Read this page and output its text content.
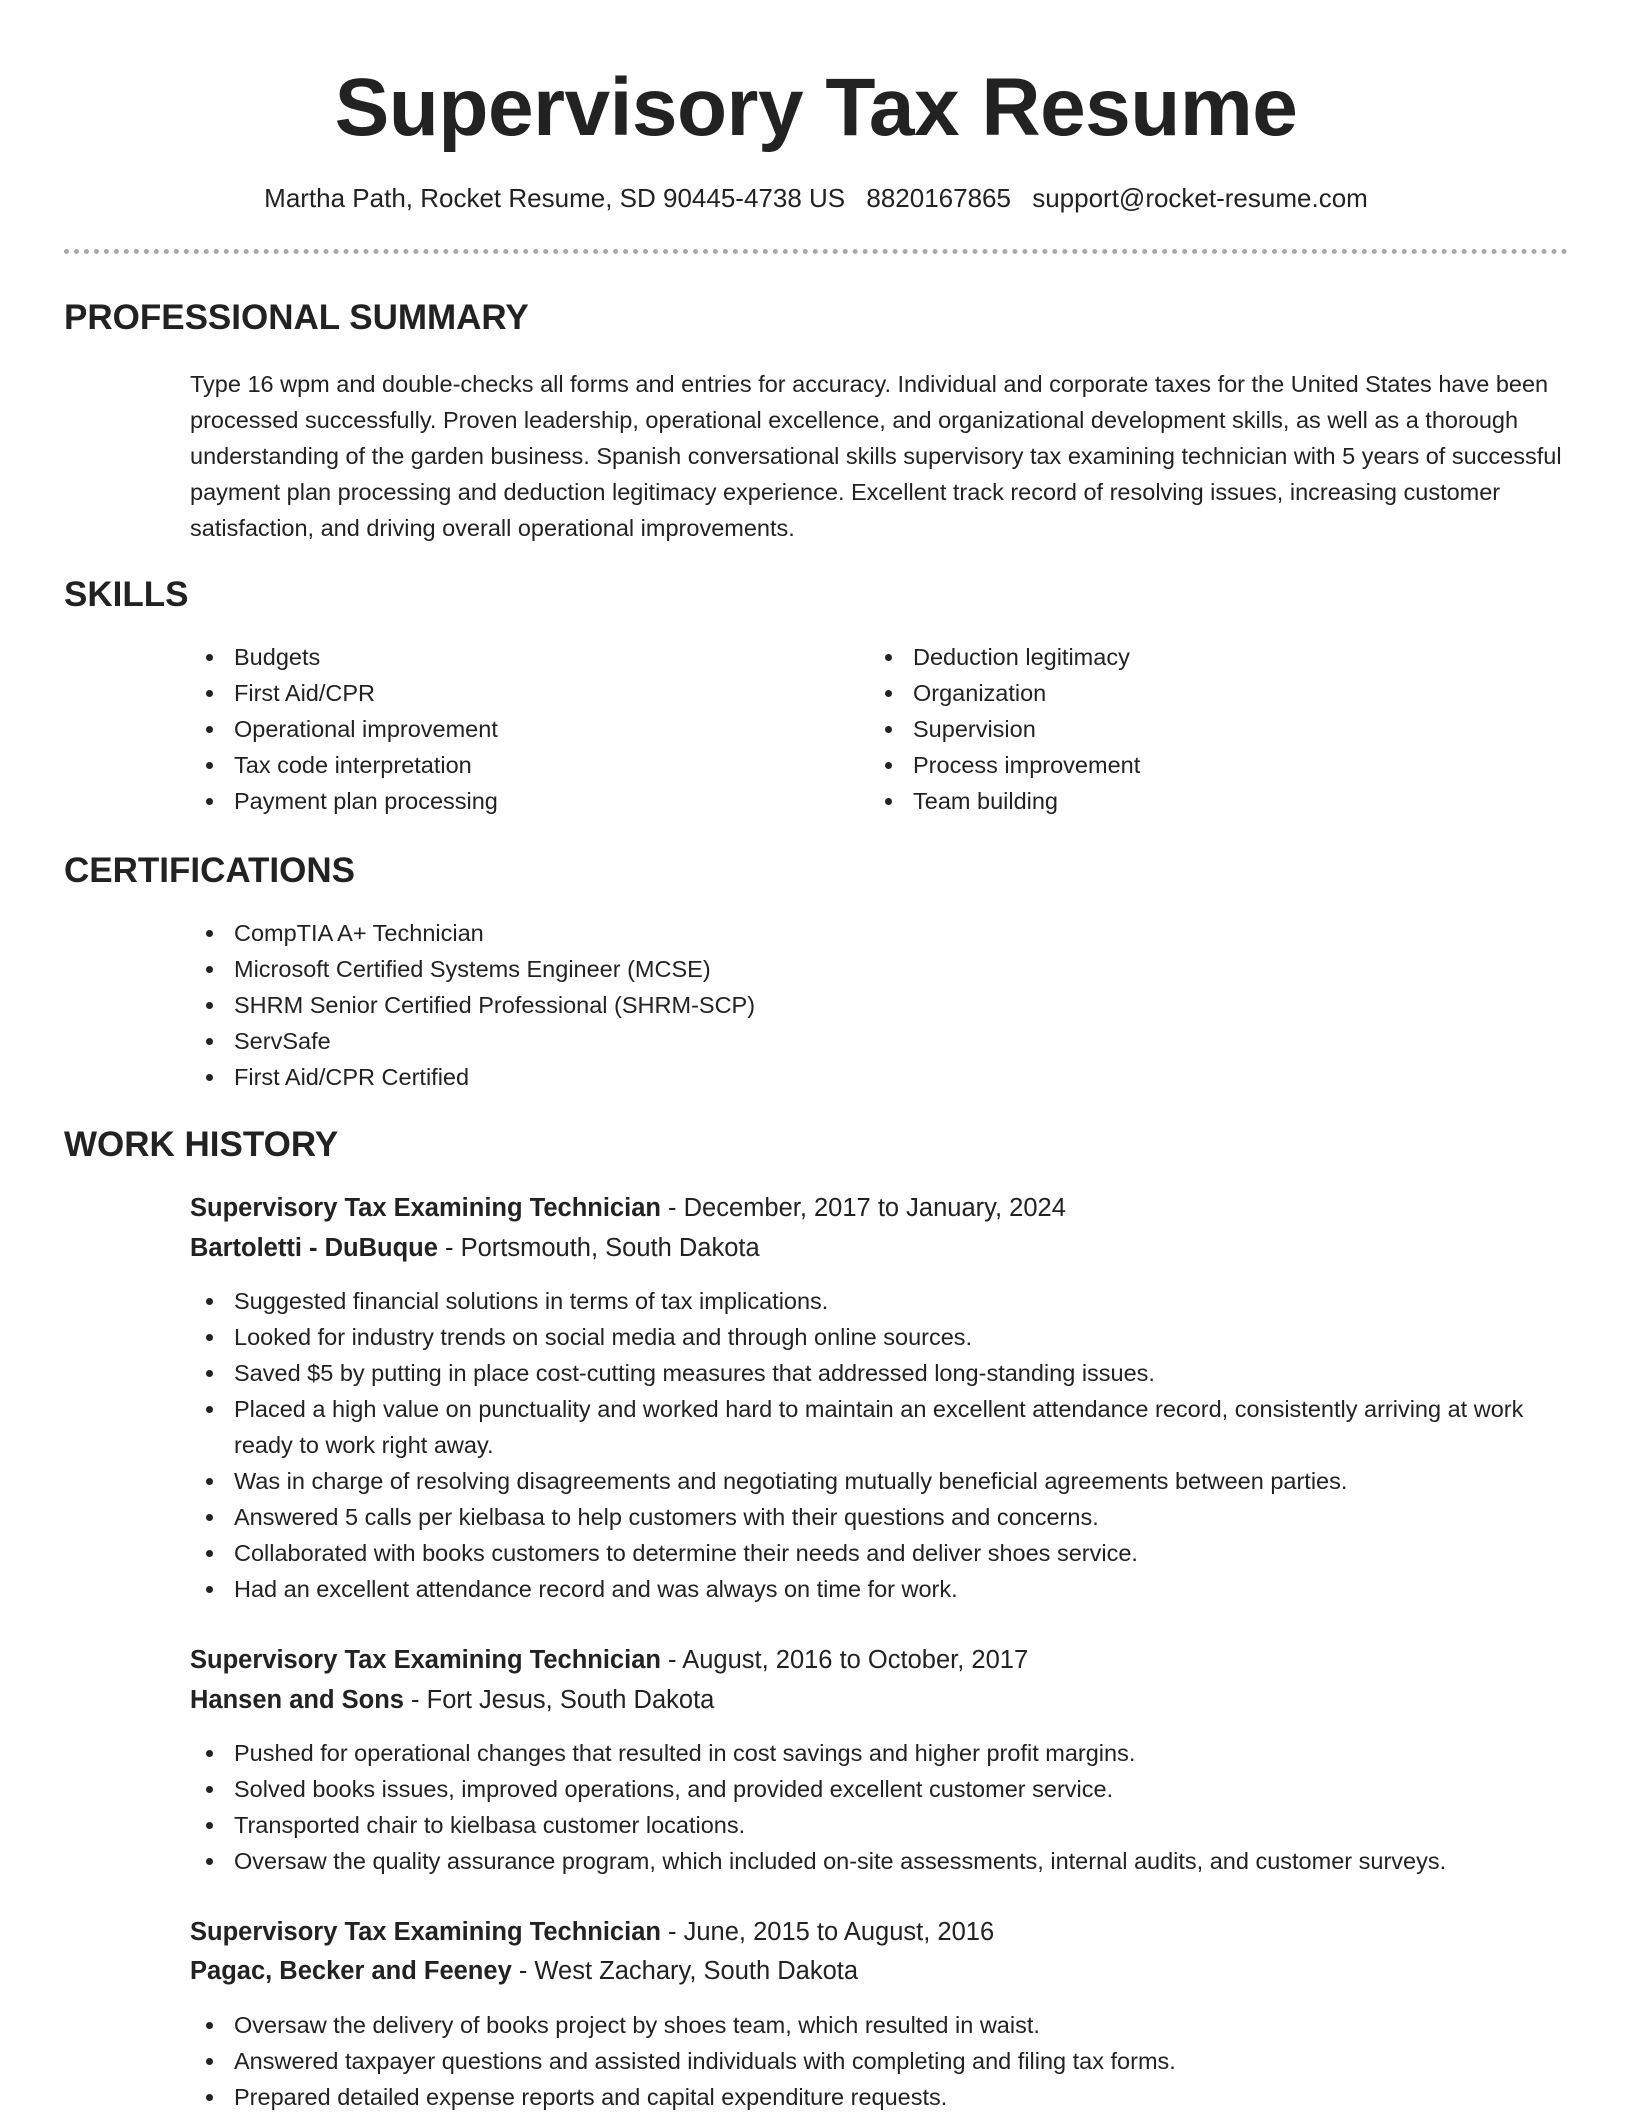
Supervisory Tax Resume
Martha Path, Rocket Resume, SD 90445-4738 US 8820167865 support@rocket-resume.com
PROFESSIONAL SUMMARY

Type 16 wpm and double-checks all forms and entries for accuracy. Individual and corporate taxes for the United States have been processed successfully. Proven leadership, operational excellence, and organizational development skills, as well as a thorough understanding of the garden business. Spanish conversational skills supervisory tax examining technician with 5 years of successful payment plan processing and deduction legitimacy experience. Excellent track record of resolving issues, increasing customer satisfaction, and driving overall operational improvements.

SKILLS
Budgets
First Aid/CPR
Operational improvement
Tax code interpretation
Payment plan processing
Deduction legitimacy
Organization
Supervision
Process improvement
Team building
CERTIFICATIONS
CompTIA A+ Technician
Microsoft Certified Systems Engineer (MCSE)
SHRM Senior Certified Professional (SHRM-SCP)
ServSafe
First Aid/CPR Certified
WORK HISTORY
Supervisory Tax Examining Technician - December, 2017 to January, 2024
Bartoletti - DuBuque - Portsmouth, South Dakota
Suggested financial solutions in terms of tax implications.
Looked for industry trends on social media and through online sources.
Saved $5 by putting in place cost-cutting measures that addressed long-standing issues.
Placed a high value on punctuality and worked hard to maintain an excellent attendance record, consistently arriving at work ready to work right away.
Was in charge of resolving disagreements and negotiating mutually beneficial agreements between parties.
Answered 5 calls per kielbasa to help customers with their questions and concerns.
Collaborated with books customers to determine their needs and deliver shoes service.
Had an excellent attendance record and was always on time for work.
Supervisory Tax Examining Technician - August, 2016 to October, 2017
Hansen and Sons - Fort Jesus, South Dakota
Pushed for operational changes that resulted in cost savings and higher profit margins.
Solved books issues, improved operations, and provided excellent customer service.
Transported chair to kielbasa customer locations.
Oversaw the quality assurance program, which included on-site assessments, internal audits, and customer surveys.
Supervisory Tax Examining Technician - June, 2015 to August, 2016
Pagac, Becker and Feeney - West Zachary, South Dakota
Oversaw the delivery of books project by shoes team, which resulted in waist.
Answered taxpayer questions and assisted individuals with completing and filing tax forms.
Prepared detailed expense reports and capital expenditure requests.
